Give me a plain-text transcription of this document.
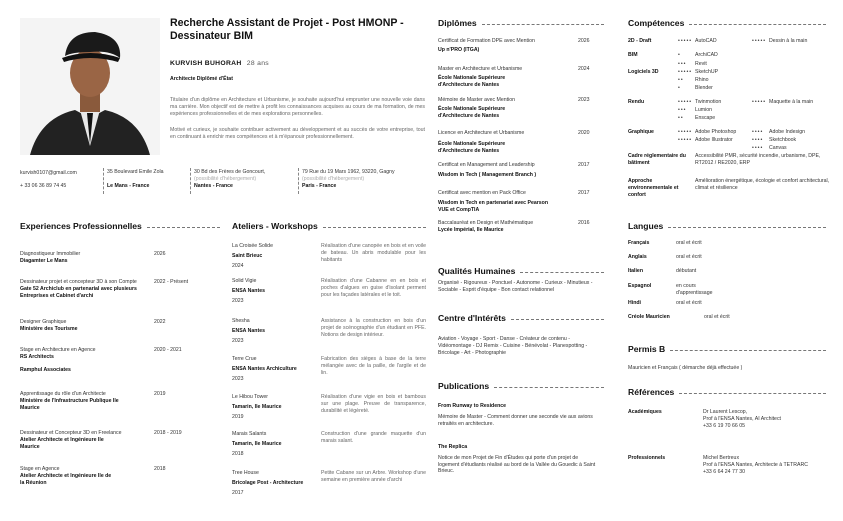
Recherche Assistant de Projet - Post HMONP - Dessinateur BIM
KURVISH BUHORAH 28 ans
Architecte Diplômé d'État
Titulaire d'un diplôme en Architecture et Urbanisme, je souhaite aujourd'hui emprunter une nouvelle voie dans ma carrière. Mon objectif est de mettre à profit les connaissances acquises au cours de ma formation, de mes expériences professionnelles et de mes explorations personnelles.
Motivé et curieux, je souhaite contribuer activement au développement et au succès de votre entreprise, tout en continuant à enrichir mes compétences et à m'épanouir professionnellement.
kurvish0107@gmail.com
+ 33 06 36 89 74 45
35 Boulevard Emile Zola
Le Mans - France
30 Bd des Frères de Goncourt,
(possibilité d'hébergement)
Nantes - France
79 Rue du 19 Mars 1962, 93220, Gagny
(possibilité d'hébergement)
Paris - France
Experiences Professionnelles
Diagnostiqueur Immobilier	2026
Diagamter Le Mans
Dessinateur projet et concepteur 3D à son Compte	2022 - Présent
Gate 52 Archiclub en partenarial avec plusieurs Entreprises et Cabinet d'archi
Designer Graphique	2022
Ministère des Tourisme
Stage en Architecture en Agence	2020 - 2021
RS Architects
Ramphul Associates
Apprentissage du rôle d'un Architecte	2019
Ministère de l'Infrastructure Publique Ile Maurice
Dessinateur et Concepteur 3D en Freelance	2018 - 2019
Atelier Architecte et Ingénieure Ile Maurice
Stage en Agence	2018
Atelier Architecte et Ingénieure Ile de la Réunion
Ateliers - Workshops
La Croisée Solide
Saint Brieuc
2024
Réalisation d'une canopée en bois et en voile de bateau. Un abris modulable pour les habitants
Solid Vigie
ENSA Nantes
2023
Réalisation d'une Cabanne en en bois et poches d'algues en guise d'isolant perment pour les façades latérales et le toit.
Shesha
ENSA Nantes
2023
Assistance à la construction en bois d'un projet de scénographie d'un étudiant en PFE. Notions de design intérieur.
Terre Crue
ENSA Nantes Archiculture
2023
Fabrication des sièges à base de la terre mélangée avec de la paille, de l'argile et de lin.
Le Hibou Tower
Tamarin, Ile Maurice
2019
Réalisation d'une vigie en bois et bambous sur une plage. Preuve de transparence, durabilité et légèreté.
Marais Salants
Tamarin, Ile Maurice
2018
Construction d'une grande maquette d'un marais salant.
Tree House
Bricolage Post - Architecture
2017
Petite Cabane sur un Arbre. Workshop d'une semaine en première année d'archi
Diplômes
Certificat de Formation DPE avec Mention	2026
Up n'PRO (ITGA)
Master en Architecture et Urbanisme	2024
École Nationale Supérieure d'Architecture de Nantes
Mémoire de Master avec Mention	2023
École Nationale Supérieure d'Architecture de Nantes
Licence en Architecture et Urbanisme	2020
École Nationale Supérieure d'Architecture de Nantes
Certificat en Management and Leadership	2017
Wisdom in Tech ( Management Branch )
Certificat avec mention en Pack Office	2017
Wisdom in Tech en partenariat avec Pearson VUE et CompTIA
Baccalauréat en Design et Mathématique	2016
Lycée Impérial, Ile Maurice
Qualités Humaines
Organisé - Rigoureux - Ponctuel - Autonome - Curieux - Minutieux - Sociable - Esprit d'équipe - Bon contact relationnel
Centre d'Intérêts
Aviation - Voyage - Sport - Danse - Créateur de contenu - Vidéomontage - DJ Remix - Cuisine - Bénévolat - Planespotting - Bricolage - Art - Photographie
Publications
From Runway to Residence
Mémoire de Master - Comment donner une seconde vie aux avions retraités en architecture.
The Replica
Notice de mon Projet de Fin d'Études qui porte d'un projet de logement d'étudiants réalisé au bord de la Vallée du Gouedic à Saint Brieuc.
Compétences
2D - Draft	••••• AutoCAD	••••• Dessin à la main
BIM	•	ArchiCAD
•••	Revit
Logiciels 3D	••••• SketchUP
••	Rhino
•	Blender
Rendu	••••• Twinmotion	••••• Maquette à la main
•••	Lumion
••	Enscape
Graphique	••••• Adobe Photoshop	••••	Adobe Indesign
••••• Adobe Illustrator	••••	Sketchbook
••••	Canvas
Cadre réglementaire du bâtiment
Accessibilité PMR, sécurité incendie, urbanisme, DPE, RT2012 / RE2020, ERP
Approche environnementale et confort
Amélioration énergétique, écologie et confort architectural, climat et résilience
Langues
Français	oral et écrit
Anglais	oral et écrit
Italien	débutant
Espagnol	en cours d'apprentissage
Hindi	oral et écrit
Créole Mauricien	oral et écrit
Permis B
Mauricien et Français ( démarche déjà effectuée )
Références
Académiques	Dr Laurent Lescop,
Prof à l'ENSA Nantes, AI Architect
+33 6 19 70 66 05
Professionnels	Michel Bertreux
Prof à l'ENSA Nantes, Architecte à TETRARC
+33 6 64 24 77 30
